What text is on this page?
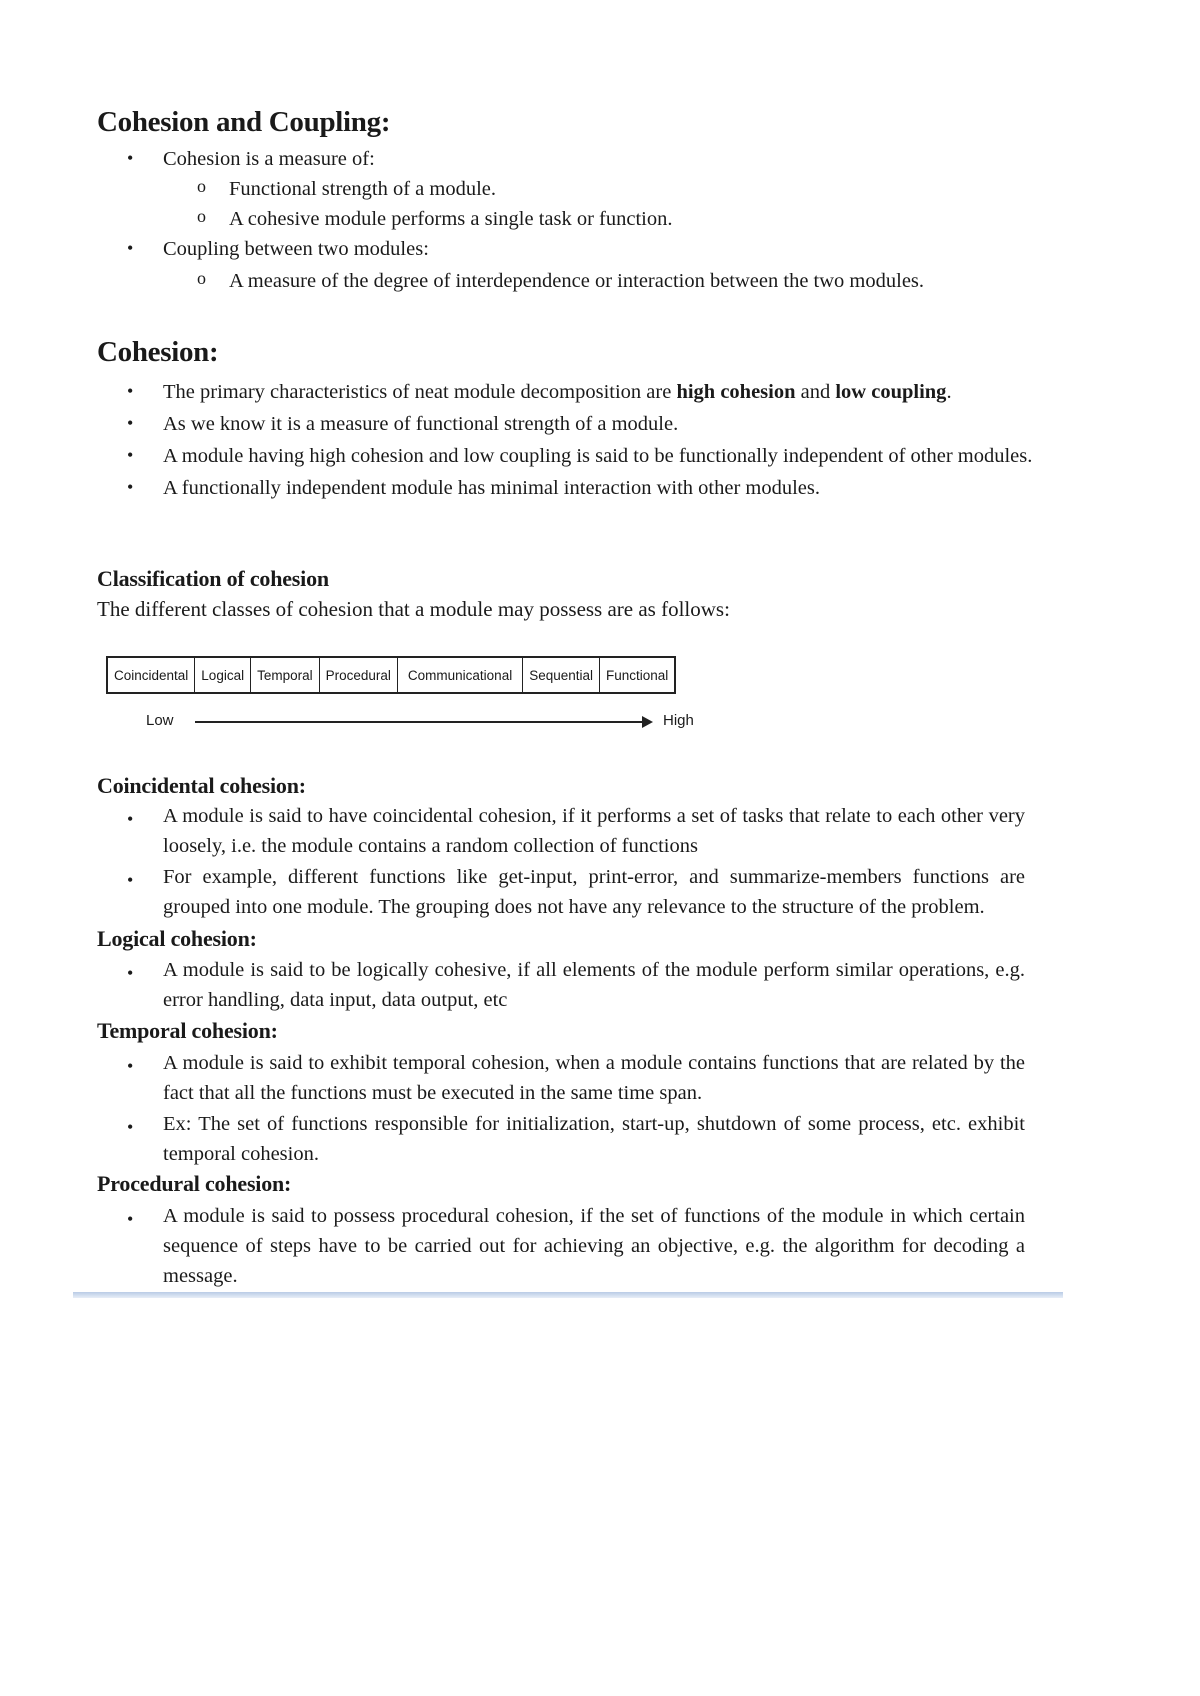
Cohesion and Coupling:
• Cohesion is a measure of:
o Functional strength of a module.
o A cohesive module performs a single task or function.
• Coupling between two modules:
o A measure of the degree of interdependence or interaction between the two modules.
Cohesion:
• The primary characteristics of neat module decomposition are high cohesion and low coupling.
• As we know it is a measure of functional strength of a module.
• A module having high cohesion and low coupling is said to be functionally independent of other modules.
• A functionally independent module has minimal interaction with other modules.
Classification of cohesion

The different classes of cohesion that a module may possess are as follows:

Coincidental	Logical	Temporal	Procedural	Communicational	Sequential	Functional
Low	High
Coincidental cohesion:
• A module is said to have coincidental cohesion, if it performs a set of tasks that relate to each other very loosely, i.e. the module contains a random collection of functions

• For example, different functions like get-input, print-error, and summarize-members functions are grouped into one module. The grouping does not have any relevance to the structure of the problem.

Logical cohesion:
• A module is said to be logically cohesive, if all elements of the module perform similar operations, e.g. error handling, data input, data output, etc

Temporal cohesion:
• A module is said to exhibit temporal cohesion, when a module contains functions that are related by the fact that all the functions must be executed in the same time span.

• Ex: The set of functions responsible for initialization, start-up, shutdown of some process, etc. exhibit temporal cohesion.

Procedural cohesion:
• A module is said to possess procedural cohesion, if the set of functions of the module in which certain sequence of steps have to be carried out for achieving an objective, e.g. the algorithm for decoding a message.
